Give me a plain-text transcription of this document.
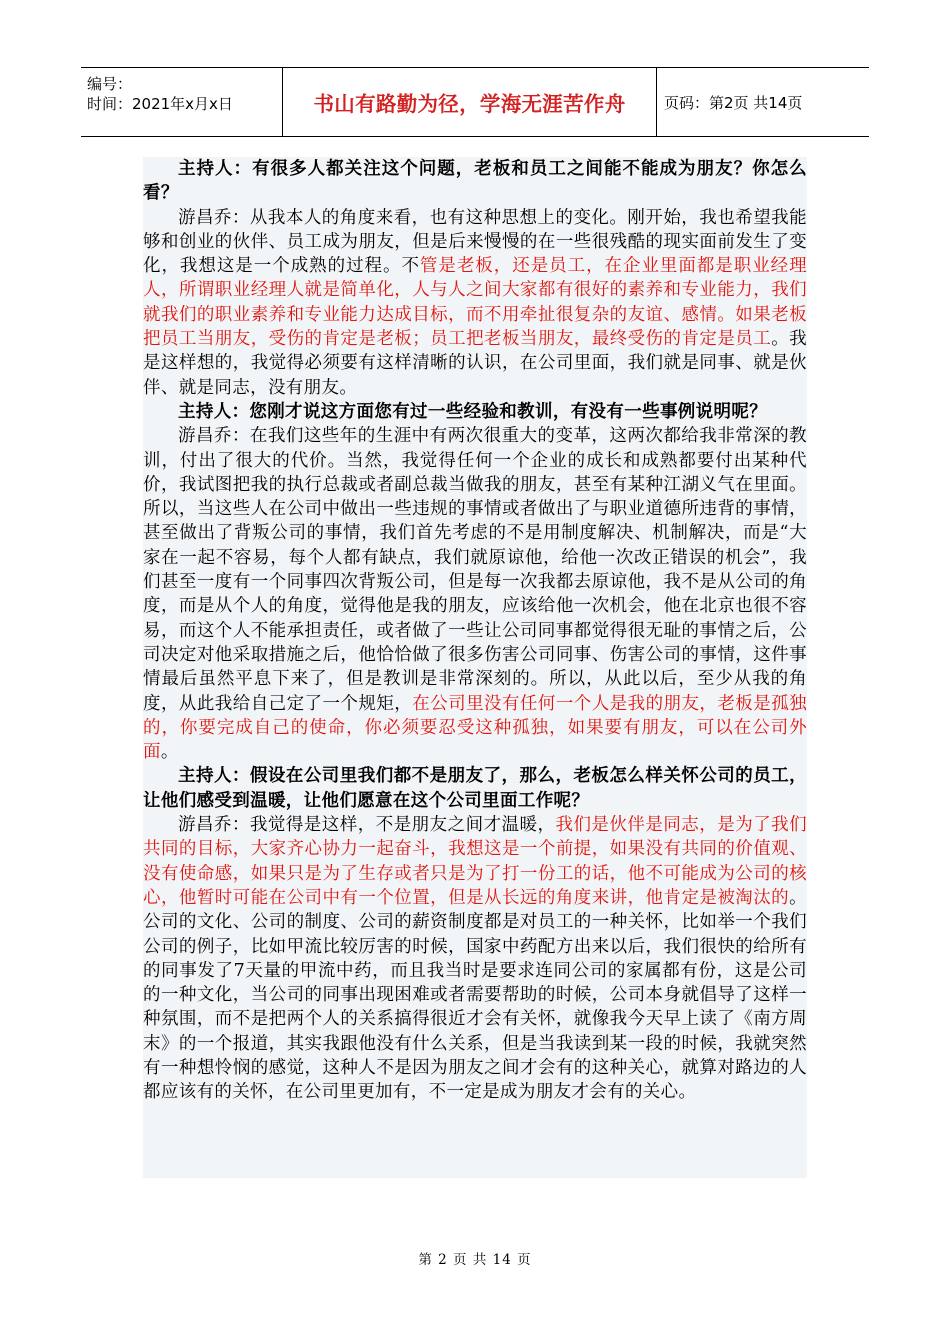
编号：
时间：2021年x月x日	书山有路勤为径，学海无涯苦作舟	页码：第2页 共14页

主持人：有很多人都关注这个问题，老板和员工之间能不能成为朋友？你怎么看？

游昌乔：从我本人的角度来看，也有这种思想上的变化。刚开始，我也希望我能够和创业的伙伴、员工成为朋友，但是后来慢慢的在一些很残酷的现实面前发生了变化，我想这是一个成熟的过程。不管是老板，还是员工，在企业里面都是职业经理人，所谓职业经理人就是简单化，人与人之间大家都有很好的素养和专业能力，我们就我们的职业素养和专业能力达成目标，而不用牵扯很复杂的友谊、感情。如果老板把员工当朋友，受伤的肯定是老板；员工把老板当朋友，最终受伤的肯定是员工。我是这样想的，我觉得必须要有这样清晰的认识，在公司里面，我们就是同事、就是伙伴、就是同志，没有朋友。

主持人：您刚才说这方面您有过一些经验和教训，有没有一些事例说明呢？

游昌乔：在我们这些年的生涯中有两次很重大的变革，这两次都给我非常深的教训，付出了很大的代价。当然，我觉得任何一个企业的成长和成熟都要付出某种代价，我试图把我的执行总裁或者副总裁当做我的朋友，甚至有某种江湖义气在里面。所以，当这些人在公司中做出一些违规的事情或者做出了与职业道德所违背的事情，甚至做出了背叛公司的事情，我们首先考虑的不是用制度解决、机制解决，而是“大家在一起不容易，每个人都有缺点，我们就原谅他，给他一次改正错误的机会”，我们甚至一度有一个同事四次背叛公司，但是每一次我都去原谅他，我不是从公司的角度，而是从个人的角度，觉得他是我的朋友，应该给他一次机会，他在北京也很不容易，而这个人不能承担责任，或者做了一些让公司同事都觉得很无耻的事情之后，公司决定对他采取措施之后，他恰恰做了很多伤害公司同事、伤害公司的事情，这件事情最后虽然平息下来了，但是教训是非常深刻的。所以，从此以后，至少从我的角度，从此我给自己定了一个规矩，在公司里没有任何一个人是我的朋友，老板是孤独的，你要完成自己的使命，你必须要忍受这种孤独，如果要有朋友，可以在公司外面。

主持人：假设在公司里我们都不是朋友了，那么，老板怎么样关怀公司的员工，让他们感受到温暖，让他们愿意在这个公司里面工作呢？

游昌乔：我觉得是这样，不是朋友之间才温暖，我们是伙伴是同志，是为了我们共同的目标，大家齐心协力一起奋斗，我想这是一个前提，如果没有共同的价值观、没有使命感，如果只是为了生存或者只是为了打一份工的话，他不可能成为公司的核心，他暂时可能在公司中有一个位置，但是从长远的角度来讲，他肯定是被淘汰的。公司的文化、公司的制度、公司的薪资制度都是对员工的一种关怀，比如举一个我们公司的例子，比如甲流比较厉害的时候，国家中药配方出来以后，我们很快的给所有的同事发了7天量的甲流中药，而且我当时是要求连同公司的家属都有份，这是公司的一种文化，当公司的同事出现困难或者需要帮助的时候，公司本身就倡导了这样一种氛围，而不是把两个人的关系搞得很近才会有关怀，就像我今天早上读了《南方周末》的一个报道，其实我跟他没有什么关系，但是当我读到某一段的时候，我就突然有一种想怜悯的感觉，这种人不是因为朋友之间才会有的这种关心，就算对路边的人都应该有的关怀，在公司里更加有，不一定是成为朋友才会有的关心。

第 2 页 共 14 页
